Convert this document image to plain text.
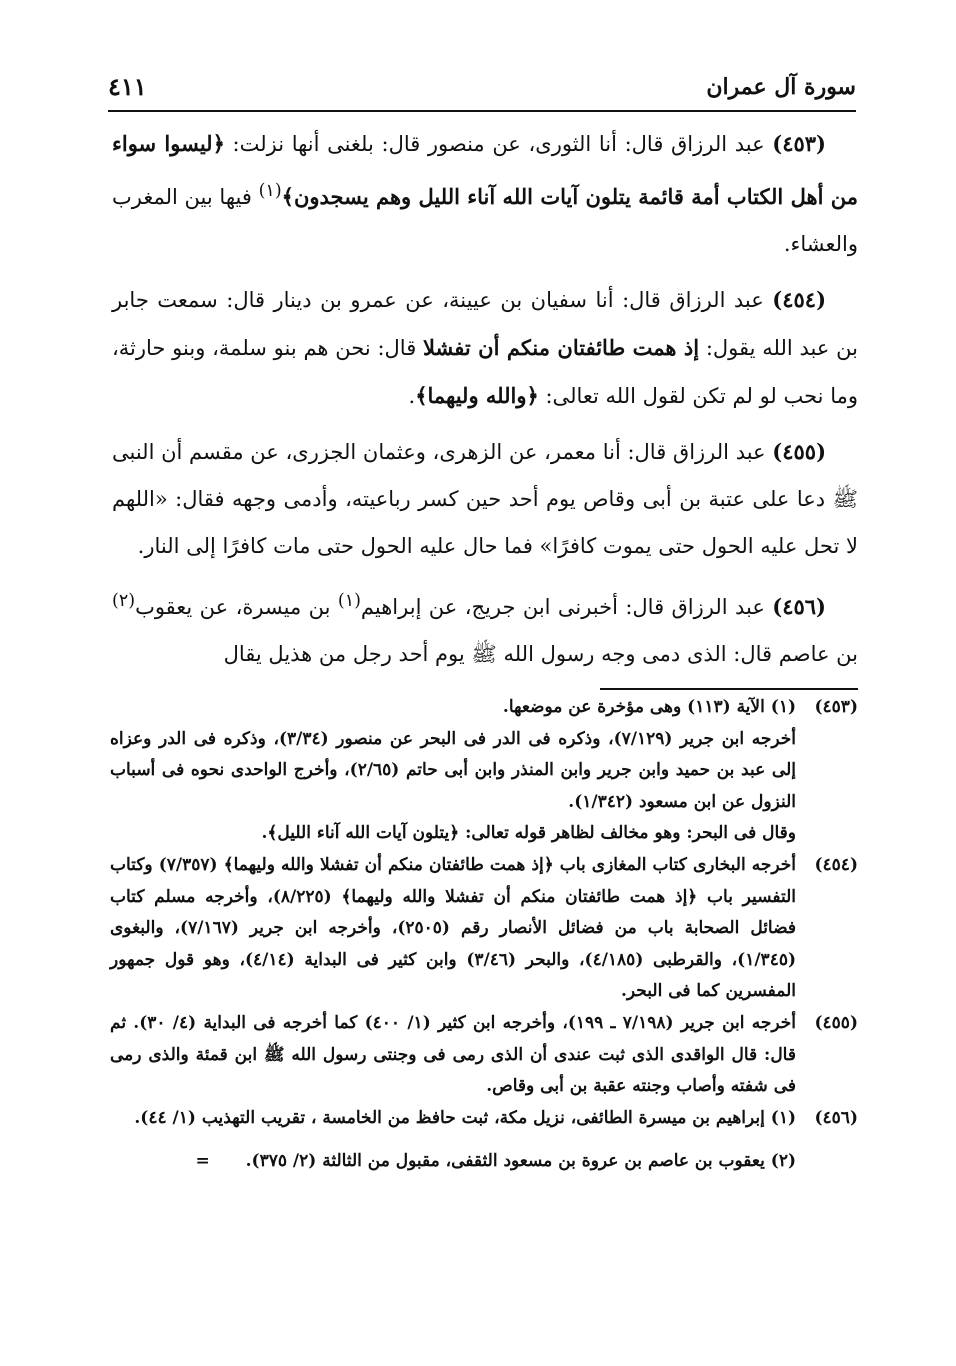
سورة آل عمران
٤١١

(٤٥٣) عبد الرزاق قال: أنا الثورى، عن منصور قال: بلغنى أنها نزلت: ﴿ليسوا سواء من أهل الكتاب أمة قائمة يتلون آيات الله آناء الليل وهم يسجدون﴾$^{(١)}$ فيها بين المغرب والعشاء.

(٤٥٤) عبد الرزاق قال: أنا سفيان بن عيينة، عن عمرو بن دينار قال: سمعت جابر بن عبد الله يقول: إذ همت طائفتان منكم أن تفشلا قال: نحن هم بنو سلمة، وبنو حارثة، وما نحب لو لم تكن لقول الله تعالى: ﴿والله وليهما﴾.

(٤٥٥) عبد الرزاق قال: أنا معمر، عن الزهرى، وعثمان الجزرى، عن مقسم أن النبى ﷺ دعا على عتبة بن أبى وقاص يوم أحد حين كسر رباعيته، وأدمى وجهه فقال: «اللهم لا تحل عليه الحول حتى يموت كافرًا» فما حال عليه الحول حتى مات كافرًا إلى النار.

(٤٥٦) عبد الرزاق قال: أخبرنى ابن جريج، عن إبراهيم$^{(١)}$ بن ميسرة، عن يعقوب$^{(٢)}$ بن عاصم قال: الذى دمى وجه رسول الله ﷺ يوم أحد رجل من هذيل يقال

(٤٥٣)

(١) الآية (١١٣) وهى مؤخرة عن موضعها.

أخرجه ابن جرير (٧/١٢٩)، وذكره فى الدر فى البحر عن منصور (٣/٣٤)، وذكره فى الدر وعزاه إلى عبد بن حميد وابن جرير وابن المنذر وابن أبى حاتم (٢/٦٥)، وأخرج الواحدى نحوه فى أسباب النزول عن ابن مسعود (١/٣٤٢).

وقال فى البحر: وهو مخالف لظاهر قوله تعالى: ﴿يتلون آيات الله آناء الليل﴾.

(٤٥٤)

أخرجه البخارى كتاب المغازى باب ﴿إذ همت طائفتان منكم أن تفشلا والله وليهما﴾ (٧/٣٥٧) وكتاب التفسير باب ﴿إذ همت طائفتان منكم أن تفشلا والله وليهما﴾ (٨/٢٢٥)، وأخرجه مسلم كتاب فضائل الصحابة باب من فضائل الأنصار رقم (٢٥٠٥)، وأخرجه ابن جرير (٧/١٦٧)، والبغوى (١/٣٤٥)، والقرطبى (٤/١٨٥)، والبحر (٣/٤٦) وابن كثير فى البداية (٤/١٤)، وهو قول جمهور المفسرين كما فى البحر.

(٤٥٥)

أخرجه ابن جرير (٧/١٩٨ ـ ١٩٩)، وأخرجه ابن كثير (١/ ٤٠٠) كما أخرجه فى البداية (٤/ ٣٠). ثم قال: قال الواقدى الذى ثبت عندى أن الذى رمى فى وجنتى رسول الله ﷺ ابن قمئة والذى رمى فى شفته وأصاب وجنته عقبة بن أبى وقاص.

(٤٥٦)

(١) إبراهيم بن ميسرة الطائفى، نزيل مكة، ثبت حافظ من الخامسة ، تقريب التهذيب (١/ ٤٤).

(٢) يعقوب بن عاصم بن عروة بن مسعود الثقفى، مقبول من الثالثة (٢/ ٣٧٥). =
